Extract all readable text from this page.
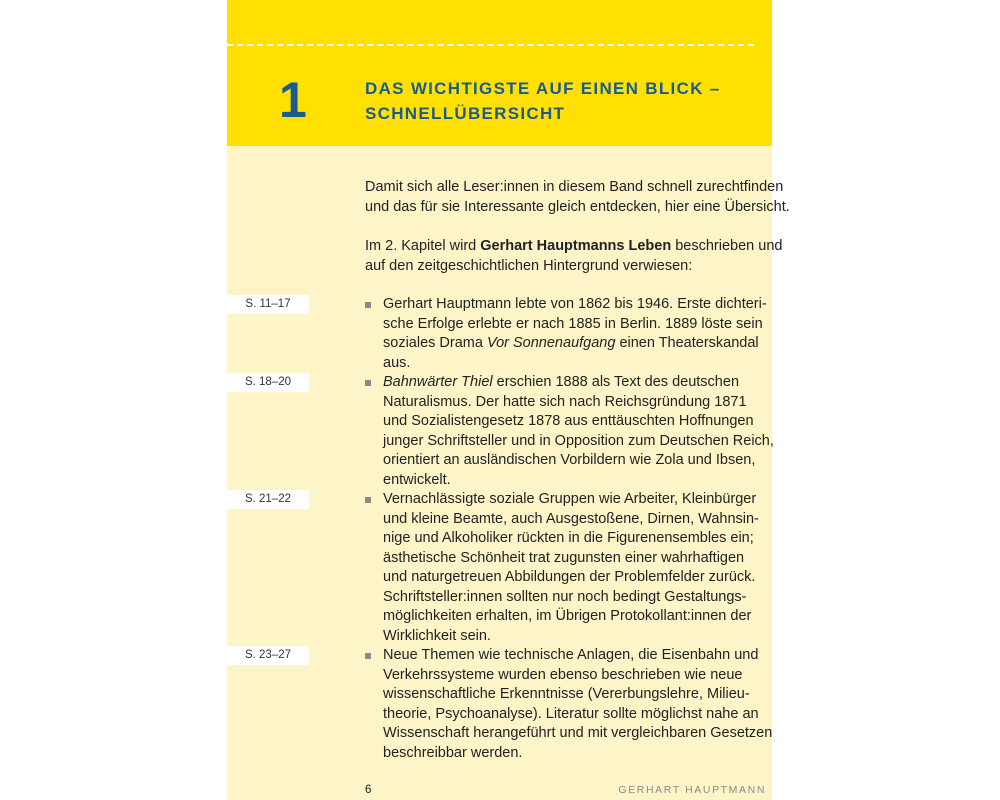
1	DAS WICHTIGSTE AUF EINEN BLICK –
SCHNELLÜBERSICHT
Damit sich alle Leser:innen in diesem Band schnell zurechtfinden
und das für sie Interessante gleich entdecken, hier eine Übersicht.
Im 2. Kapitel wird Gerhart Hauptmanns Leben beschrieben und
auf den zeitgeschichtlichen Hintergrund verwiesen:
S. 11–17	Gerhart Hauptmann lebte von 1862 bis 1946. Erste dichteri-
sche Erfolge erlebte er nach 1885 in Berlin. 1889 löste sein
soziales Drama Vor Sonnenaufgang einen Theaterskandal
aus.
S. 18–20	Bahnwärter Thiel erschien 1888 als Text des deutschen
Naturalismus. Der hatte sich nach Reichsgründung 1871
und Sozialistengesetz 1878 aus enttäuschten Hoffnungen
junger Schriftsteller und in Opposition zum Deutschen Reich,
orientiert an ausländischen Vorbildern wie Zola und Ibsen,
entwickelt.
S. 21–22	Vernachlässigte soziale Gruppen wie Arbeiter, Kleinbürger
und kleine Beamte, auch Ausgestoßene, Dirnen, Wahnsin-
nige und Alkoholiker rückten in die Figurenensembles ein;
ästhetische Schönheit trat zugunsten einer wahrhaftigen
und naturgetreuen Abbildungen der Problemfelder zurück.
Schriftsteller:innen sollten nur noch bedingt Gestaltungs-
möglichkeiten erhalten, im Übrigen Protokollant:innen der
Wirklichkeit sein.
S. 23–27	Neue Themen wie technische Anlagen, die Eisenbahn und
Verkehrssysteme wurden ebenso beschrieben wie neue
wissenschaftliche Erkenntnisse (Vererbungslehre, Milieu-
theorie, Psychoanalyse). Literatur sollte möglichst nahe an
Wissenschaft herangeführt und mit vergleichbaren Gesetzen
beschreibbar werden.
6	GERHART HAUPTMANN
